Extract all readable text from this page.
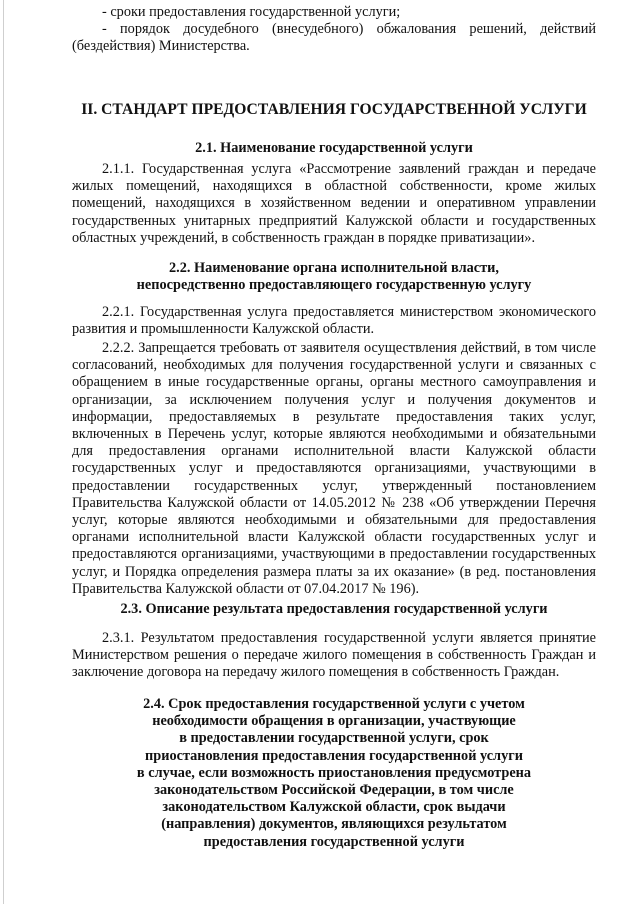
- сроки предоставления государственной услуги;
- порядок досудебного (внесудебного) обжалования решений, действий (бездействия) Министерства.
II. СТАНДАРТ ПРЕДОСТАВЛЕНИЯ ГОСУДАРСТВЕННОЙ УСЛУГИ
2.1. Наименование государственной услуги
2.1.1. Государственная услуга «Рассмотрение заявлений граждан и передаче жилых помещений, находящихся в областной собственности, кроме жилых помещений, находящихся в хозяйственном ведении и оперативном управлении государственных унитарных предприятий Калужской области и государственных областных учреждений, в собственность граждан в порядке приватизации».
2.2. Наименование органа исполнительной власти,
непосредственно предоставляющего государственную услугу
2.2.1. Государственная услуга предоставляется министерством экономического развития и промышленности Калужской области.
2.2.2. Запрещается требовать от заявителя осуществления действий, в том числе согласований, необходимых для получения государственной услуги и связанных с обращением в иные государственные органы, органы местного самоуправления и организации, за исключением получения услуг и получения документов и информации, предоставляемых в результате предоставления таких услуг, включенных в Перечень услуг, которые являются необходимыми и обязательными для предоставления органами исполнительной власти Калужской области государственных услуг и предоставляются организациями, участвующими в предоставлении государственных услуг, утвержденный постановлением Правительства Калужской области от 14.05.2012 № 238 «Об утверждении Перечня услуг, которые являются необходимыми и обязательными для предоставления органами исполнительной власти Калужской области государственных услуг и предоставляются организациями, участвующими в предоставлении государственных услуг, и Порядка определения размера платы за их оказание» (в ред. постановления Правительства Калужской области от 07.04.2017 № 196).
2.3. Описание результата предоставления государственной услуги
2.3.1. Результатом предоставления государственной услуги является принятие Министерством решения о передаче жилого помещения в собственность Граждан и заключение договора на передачу жилого помещения в собственность Граждан.
2.4. Срок предоставления государственной услуги с учетом
необходимости обращения в организации, участвующие
в предоставлении государственной услуги, срок
приостановления предоставления государственной услуги
в случае, если возможность приостановления предусмотрена
законодательством Российской Федерации, в том числе
законодательством Калужской области, срок выдачи
(направления) документов, являющихся результатом
предоставления государственной услуги
